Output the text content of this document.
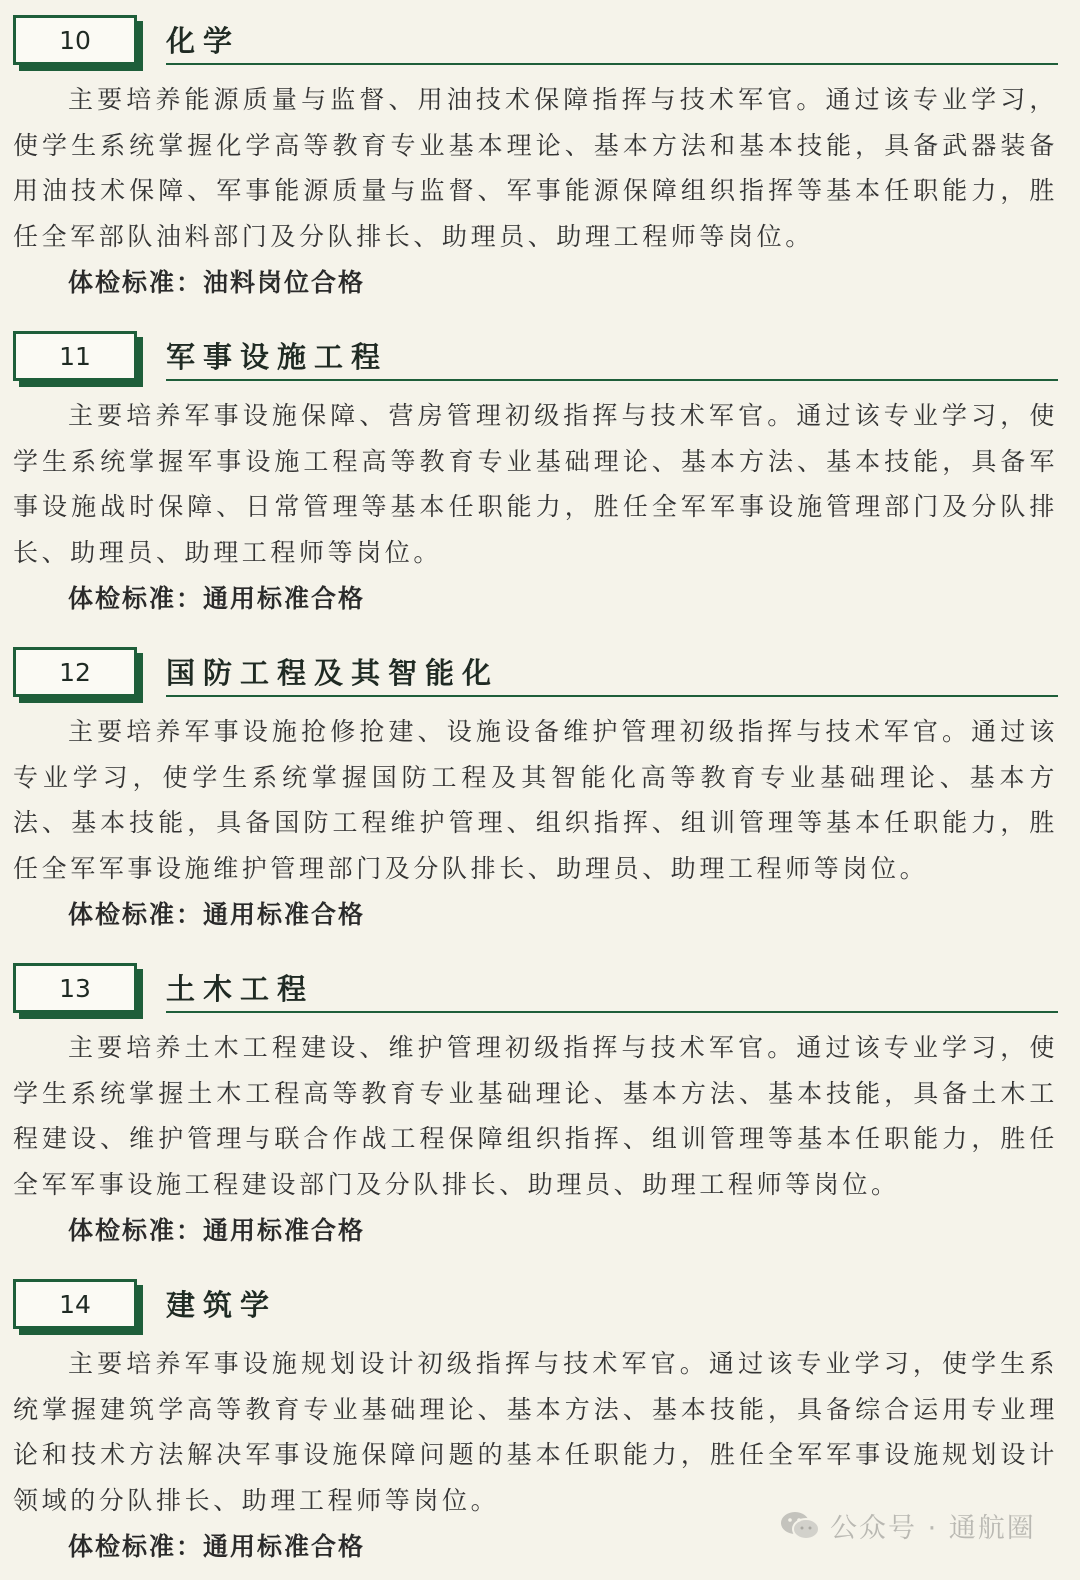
10	化学
主要培养能源质量与监督、用油技术保障指挥与技术军官。通过该专业学习，使学生系统掌握化学高等教育专业基本理论、基本方法和基本技能，具备武器装备用油技术保障、军事能源质量与监督、军事能源保障组织指挥等基本任职能力，胜任全军部队油料部门及分队排长、助理员、助理工程师等岗位。
体检标准：油料岗位合格
11	军事设施工程
主要培养军事设施保障、营房管理初级指挥与技术军官。通过该专业学习，使学生系统掌握军事设施工程高等教育专业基础理论、基本方法、基本技能，具备军事设施战时保障、日常管理等基本任职能力，胜任全军军事设施管理部门及分队排长、助理员、助理工程师等岗位。
体检标准：通用标准合格
12	国防工程及其智能化
主要培养军事设施抢修抢建、设施设备维护管理初级指挥与技术军官。通过该专业学习，使学生系统掌握国防工程及其智能化高等教育专业基础理论、基本方法、基本技能，具备国防工程维护管理、组织指挥、组训管理等基本任职能力，胜任全军军事设施维护管理部门及分队排长、助理员、助理工程师等岗位。
体检标准：通用标准合格
13	土木工程
主要培养土木工程建设、维护管理初级指挥与技术军官。通过该专业学习，使学生系统掌握土木工程高等教育专业基础理论、基本方法、基本技能，具备土木工程建设、维护管理与联合作战工程保障组织指挥、组训管理等基本任职能力，胜任全军军事设施工程建设部门及分队排长、助理员、助理工程师等岗位。
体检标准：通用标准合格
14	建筑学
主要培养军事设施规划设计初级指挥与技术军官。通过该专业学习，使学生系统掌握建筑学高等教育专业基础理论、基本方法、基本技能，具备综合运用专业理论和技术方法解决军事设施保障问题的基本任职能力，胜任全军军事设施规划设计领域的分队排长、助理工程师等岗位。
体检标准：通用标准合格
公众号 · 通航圈
